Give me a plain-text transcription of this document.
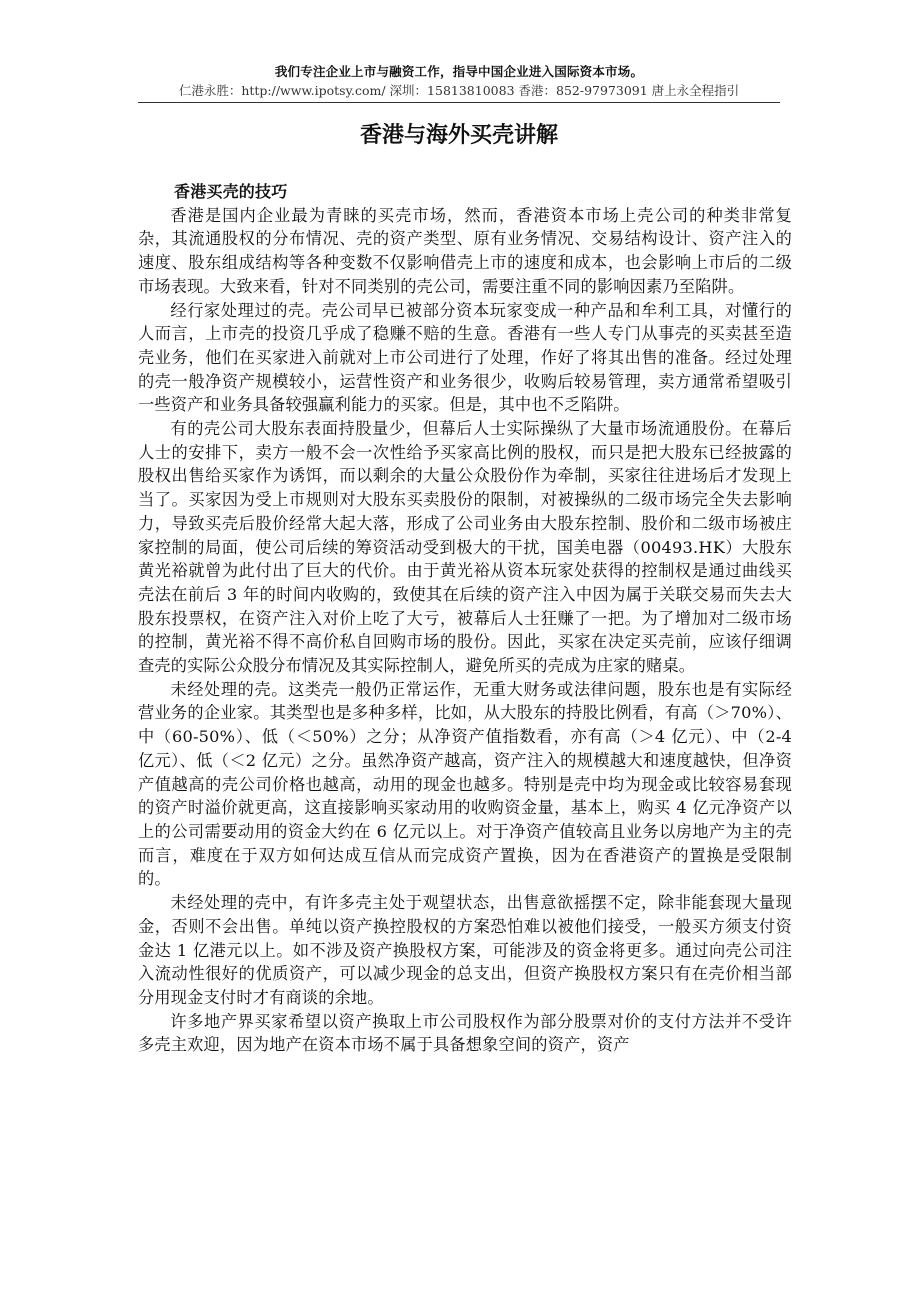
我们专注企业上市与融资工作，指导中国企业进入国际资本市场。
仁港永胜：http://www.ipotsy.com/ 深圳：15813810083 香港：852-97973091 唐上永全程指引
香港与海外买壳讲解

香港买壳的技巧

香港是国内企业最为青睐的买壳市场，然而，香港资本市场上壳公司的种类非常复杂，其流通股权的分布情况、壳的资产类型、原有业务情况、交易结构设计、资产注入的速度、股东组成结构等各种变数不仅影响借壳上市的速度和成本，也会影响上市后的二级市场表现。大致来看，针对不同类别的壳公司，需要注重不同的影响因素乃至陷阱。

经行家处理过的壳。壳公司早已被部分资本玩家变成一种产品和牟利工具，对懂行的人而言，上市壳的投资几乎成了稳赚不赔的生意。香港有一些人专门从事壳的买卖甚至造壳业务，他们在买家进入前就对上市公司进行了处理，作好了将其出售的准备。经过处理的壳一般净资产规模较小，运营性资产和业务很少，收购后较易管理，卖方通常希望吸引一些资产和业务具备较强赢利能力的买家。但是，其中也不乏陷阱。

有的壳公司大股东表面持股量少，但幕后人士实际操纵了大量市场流通股份。在幕后人士的安排下，卖方一般不会一次性给予买家高比例的股权，而只是把大股东已经披露的股权出售给买家作为诱饵，而以剩余的大量公众股份作为牵制，买家往往进场后才发现上当了。买家因为受上市规则对大股东买卖股份的限制，对被操纵的二级市场完全失去影响力，导致买壳后股价经常大起大落，形成了公司业务由大股东控制、股价和二级市场被庄家控制的局面，使公司后续的筹资活动受到极大的干扰，国美电器（00493.HK）大股东黄光裕就曾为此付出了巨大的代价。由于黄光裕从资本玩家处获得的控制权是通过曲线买壳法在前后 3 年的时间内收购的，致使其在后续的资产注入中因为属于关联交易而失去大股东投票权，在资产注入对价上吃了大亏，被幕后人士狂赚了一把。为了增加对二级市场的控制，黄光裕不得不高价私自回购市场的股份。因此，买家在决定买壳前，应该仔细调查壳的实际公众股分布情况及其实际控制人，避免所买的壳成为庄家的赌桌。

未经处理的壳。这类壳一般仍正常运作，无重大财务或法律问题，股东也是有实际经营业务的企业家。其类型也是多种多样，比如，从大股东的持股比例看，有高（＞70%）、中（60-50%）、低（＜50%）之分；从净资产值指数看，亦有高（＞4 亿元）、中（2-4 亿元）、低（＜2 亿元）之分。虽然净资产越高，资产注入的规模越大和速度越快，但净资产值越高的壳公司价格也越高，动用的现金也越多。特别是壳中均为现金或比较容易套现的资产时溢价就更高，这直接影响买家动用的收购资金量，基本上，购买 4 亿元净资产以上的公司需要动用的资金大约在 6 亿元以上。对于净资产值较高且业务以房地产为主的壳而言，难度在于双方如何达成互信从而完成资产置换，因为在香港资产的置换是受限制的。

未经处理的壳中，有许多壳主处于观望状态，出售意欲摇摆不定，除非能套现大量现金，否则不会出售。单纯以资产换控股权的方案恐怕难以被他们接受，一般买方须支付资金达 1 亿港元以上。如不涉及资产换股权方案，可能涉及的资金将更多。通过向壳公司注入流动性很好的优质资产，可以减少现金的总支出，但资产换股权方案只有在壳价相当部分用现金支付时才有商谈的余地。

许多地产界买家希望以资产换取上市公司股权作为部分股票对价的支付方法并不受许多壳主欢迎，因为地产在资本市场不属于具备想象空间的资产，资产
